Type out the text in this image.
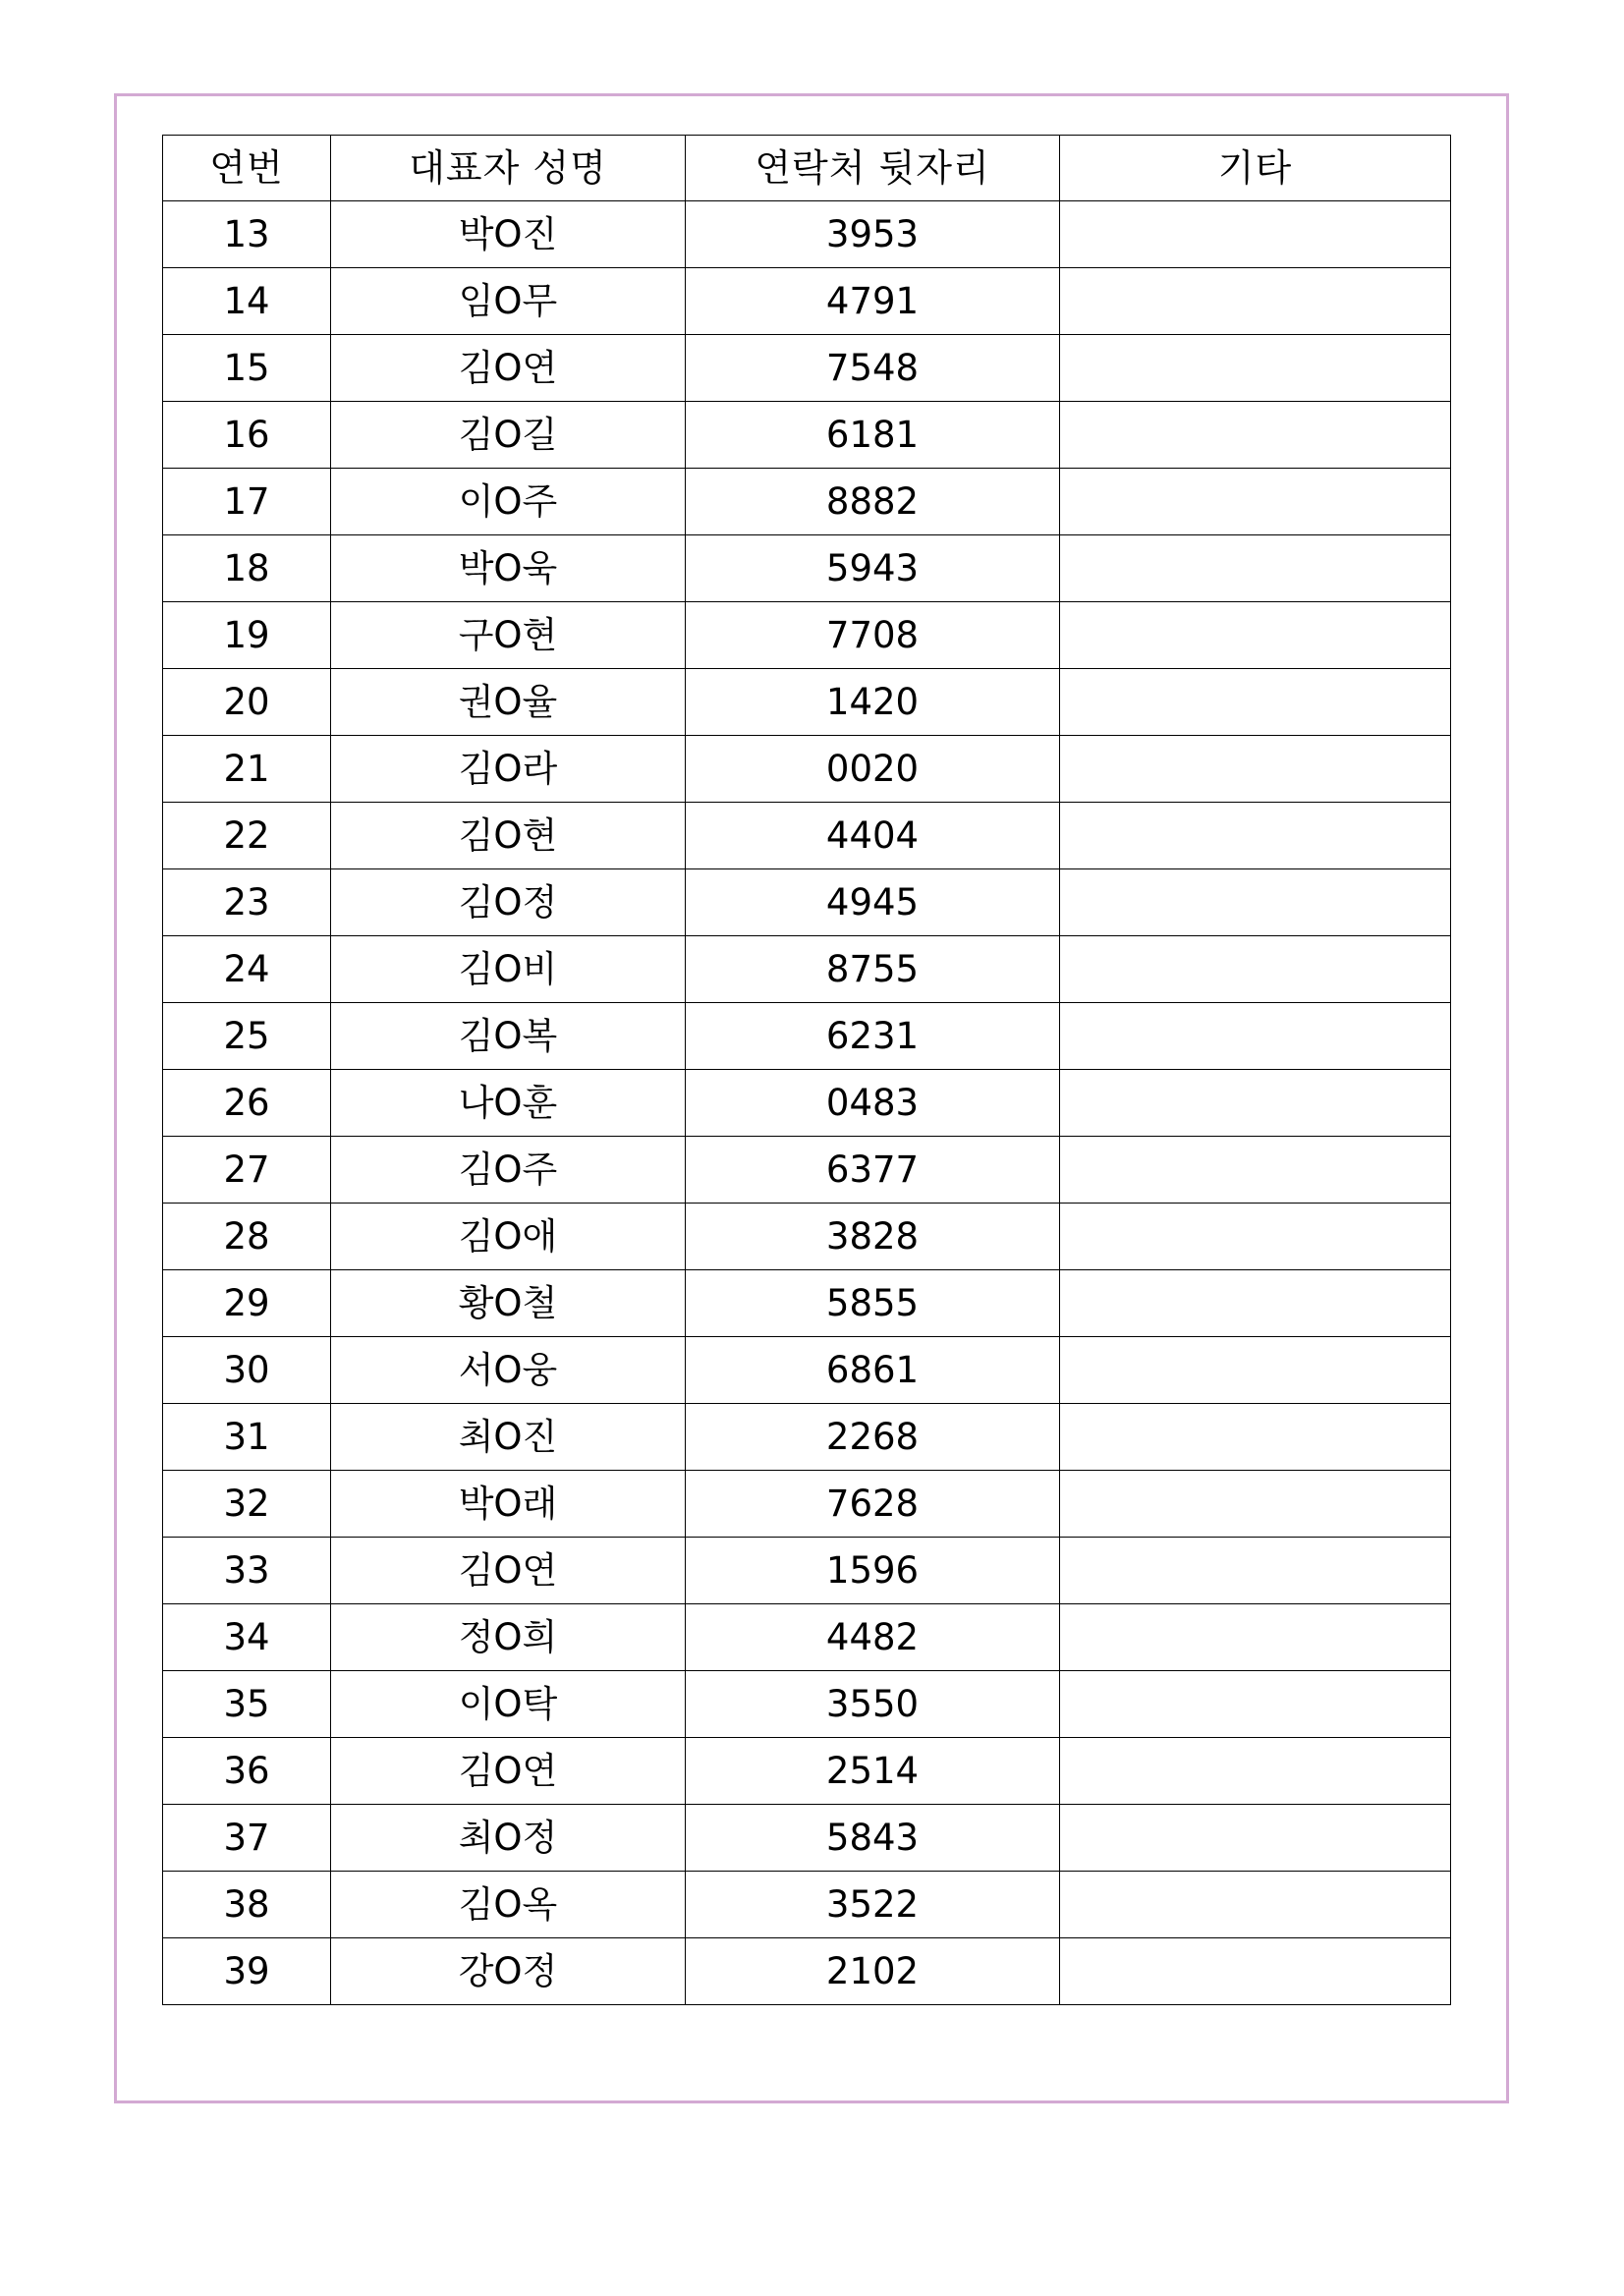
연번	대표자 성명	연락처 뒷자리	기타
13	박O진	3953	
14	임O무	4791	
15	김O연	7548	
16	김O길	6181	
17	이O주	8882	
18	박O욱	5943	
19	구O현	7708	
20	권O율	1420	
21	김O라	0020	
22	김O현	4404	
23	김O정	4945	
24	김O비	8755	
25	김O복	6231	
26	나O훈	0483	
27	김O주	6377	
28	김O애	3828	
29	황O철	5855	
30	서O웅	6861	
31	최O진	2268	
32	박O래	7628	
33	김O연	1596	
34	정O희	4482	
35	이O탁	3550	
36	김O연	2514	
37	최O정	5843	
38	김O옥	3522	
39	강O정	2102	
